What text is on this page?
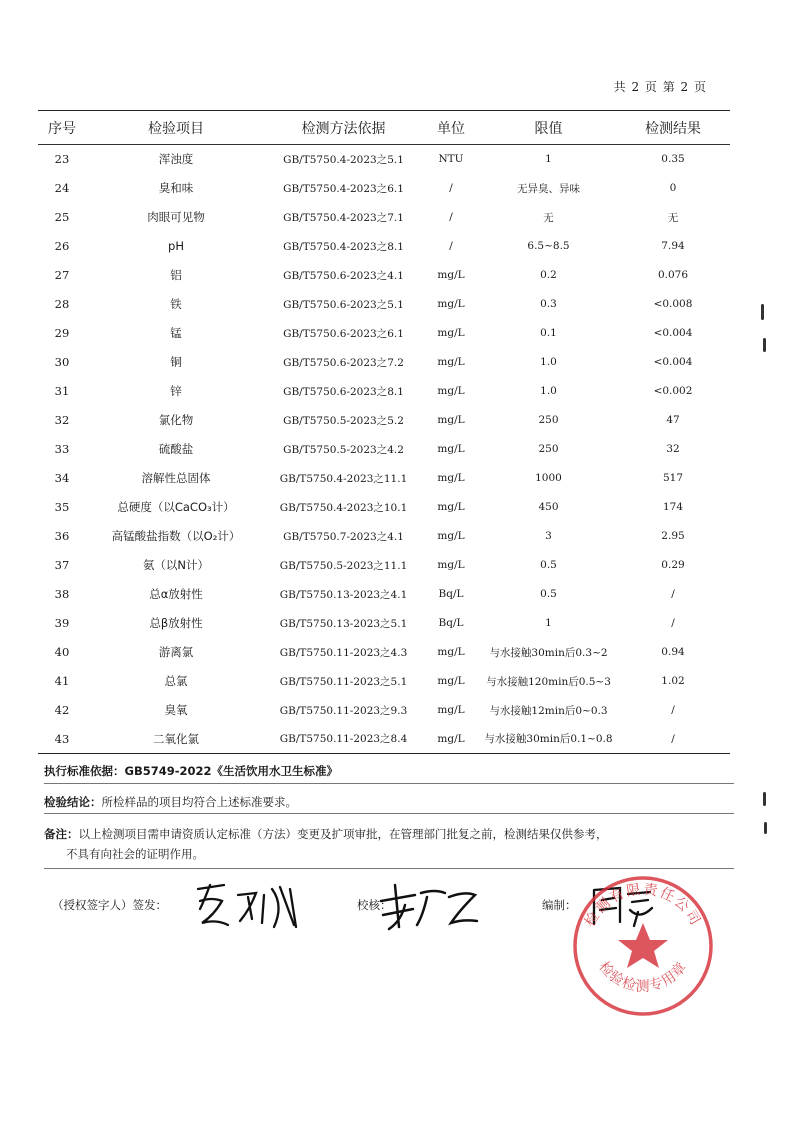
共 2 页 第 2 页
序号	检验项目	检测方法依据	单位	限值	检测结果
23	浑浊度	GB/T5750.4-2023之5.1	NTU	1	0.35
24	臭和味	GB/T5750.4-2023之6.1	/	无异臭、异味	0
25	肉眼可见物	GB/T5750.4-2023之7.1	/	无	无
26	pH	GB/T5750.4-2023之8.1	/	6.5~8.5	7.94
27	铝	GB/T5750.6-2023之4.1	mg/L	0.2	0.076
28	铁	GB/T5750.6-2023之5.1	mg/L	0.3	<0.008
29	锰	GB/T5750.6-2023之6.1	mg/L	0.1	<0.004
30	铜	GB/T5750.6-2023之7.2	mg/L	1.0	<0.004
31	锌	GB/T5750.6-2023之8.1	mg/L	1.0	<0.002
32	氯化物	GB/T5750.5-2023之5.2	mg/L	250	47
33	硫酸盐	GB/T5750.5-2023之4.2	mg/L	250	32
34	溶解性总固体	GB/T5750.4-2023之11.1	mg/L	1000	517
35	总硬度（以CaCO₃计）	GB/T5750.4-2023之10.1	mg/L	450	174
36	高锰酸盐指数（以O₂计）	GB/T5750.7-2023之4.1	mg/L	3	2.95
37	氨（以N计）	GB/T5750.5-2023之11.1	mg/L	0.5	0.29
38	总α放射性	GB/T5750.13-2023之4.1	Bq/L	0.5	/
39	总β放射性	GB/T5750.13-2023之5.1	Bq/L	1	/
40	游离氯	GB/T5750.11-2023之4.3	mg/L	与水接触30min后0.3~2	0.94
41	总氯	GB/T5750.11-2023之5.1	mg/L	与水接触120min后0.5~3	1.02
42	臭氧	GB/T5750.11-2023之9.3	mg/L	与水接触12min后0~0.3	/
43	二氧化氯	GB/T5750.11-2023之8.4	mg/L	与水接触30min后0.1~0.8	/
执行标准依据：GB5749-2022《生活饮用水卫生标准》
检验结论：所检样品的项目均符合上述标准要求。
备注：以上检测项目需申请资质认定标准（方法）变更及扩项审批，在管理部门批复之前，检测结果仅供参考，
不具有向社会的证明作用。
（授权签字人）签发：	校核：	编制：
检测有限责任公司
检验检测专用章
